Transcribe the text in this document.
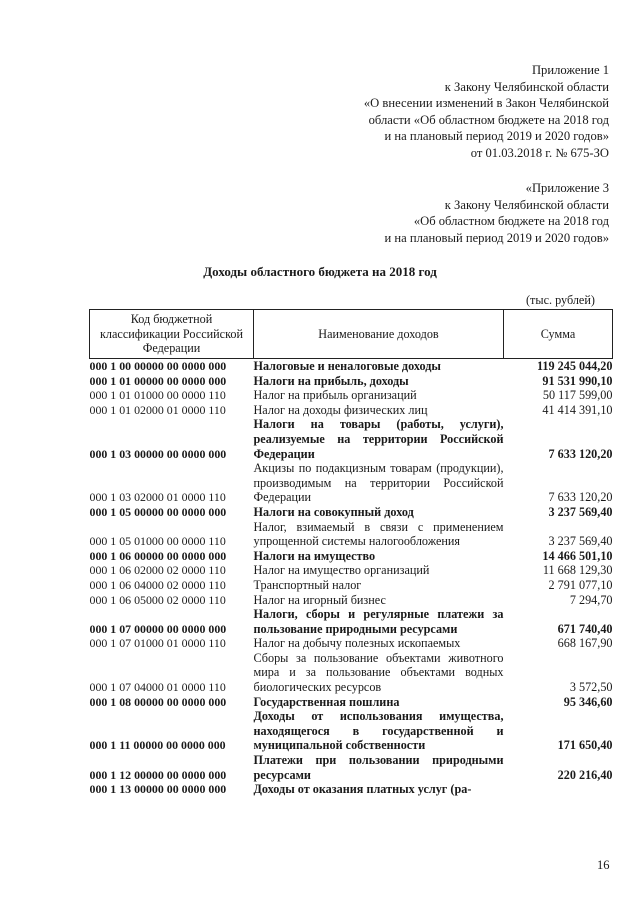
Приложение 1
к Закону Челябинской области
«О внесении изменений в Закон Челябинской
области «Об областном бюджете на 2018 год
и на плановый период 2019 и 2020 годов»
от 01.03.2018 г. № 675-ЗО
«Приложение 3
к Закону Челябинской области
«Об областном бюджете на 2018 год
и на плановый период 2019 и 2020 годов»
Доходы областного бюджета на 2018 год
(тыс. рублей)
Код бюджетной классификации Российской Федерации	Наименование доходов	Сумма
000 1 00 00000 00 0000 000	Налоговые и неналоговые доходы	119 245 044,20
000 1 01 00000 00 0000 000	Налоги на прибыль, доходы	91 531 990,10
000 1 01 01000 00 0000 110	Налог на прибыль организаций	50 117 599,00
000 1 01 02000 01 0000 110	Налог на доходы физических лиц	41 414 391,10
000 1 03 00000 00 0000 000	Налоги на товары (работы, услуги), реализуемые на территории Российской Федерации	7 633 120,20
000 1 03 02000 01 0000 110	Акцизы по подакцизным товарам (продукции), производимым на территории Российской Федерации	7 633 120,20
000 1 05 00000 00 0000 000	Налоги на совокупный доход	3 237 569,40
000 1 05 01000 00 0000 110	Налог, взимаемый в связи с применением упрощенной системы налогообложения	3 237 569,40
000 1 06 00000 00 0000 000	Налоги на имущество	14 466 501,10
000 1 06 02000 02 0000 110	Налог на имущество организаций	11 668 129,30
000 1 06 04000 02 0000 110	Транспортный налог	2 791 077,10
000 1 06 05000 02 0000 110	Налог на игорный бизнес	7 294,70
000 1 07 00000 00 0000 000	Налоги, сборы и регулярные платежи за пользование природными ресурсами	671 740,40
000 1 07 01000 01 0000 110	Налог на добычу полезных ископаемых	668 167,90
000 1 07 04000 01 0000 110	Сборы за пользование объектами животного мира и за пользование объектами водных биологических ресурсов	3 572,50
000 1 08 00000 00 0000 000	Государственная пошлина	95 346,60
000 1 11 00000 00 0000 000	Доходы от использования имущества, находящегося в государственной и муниципальной собственности	171 650,40
000 1 12 00000 00 0000 000	Платежи при пользовании природными ресурсами	220 216,40
000 1 13 00000 00 0000 000	Доходы от оказания платных услуг (ра-	
16
